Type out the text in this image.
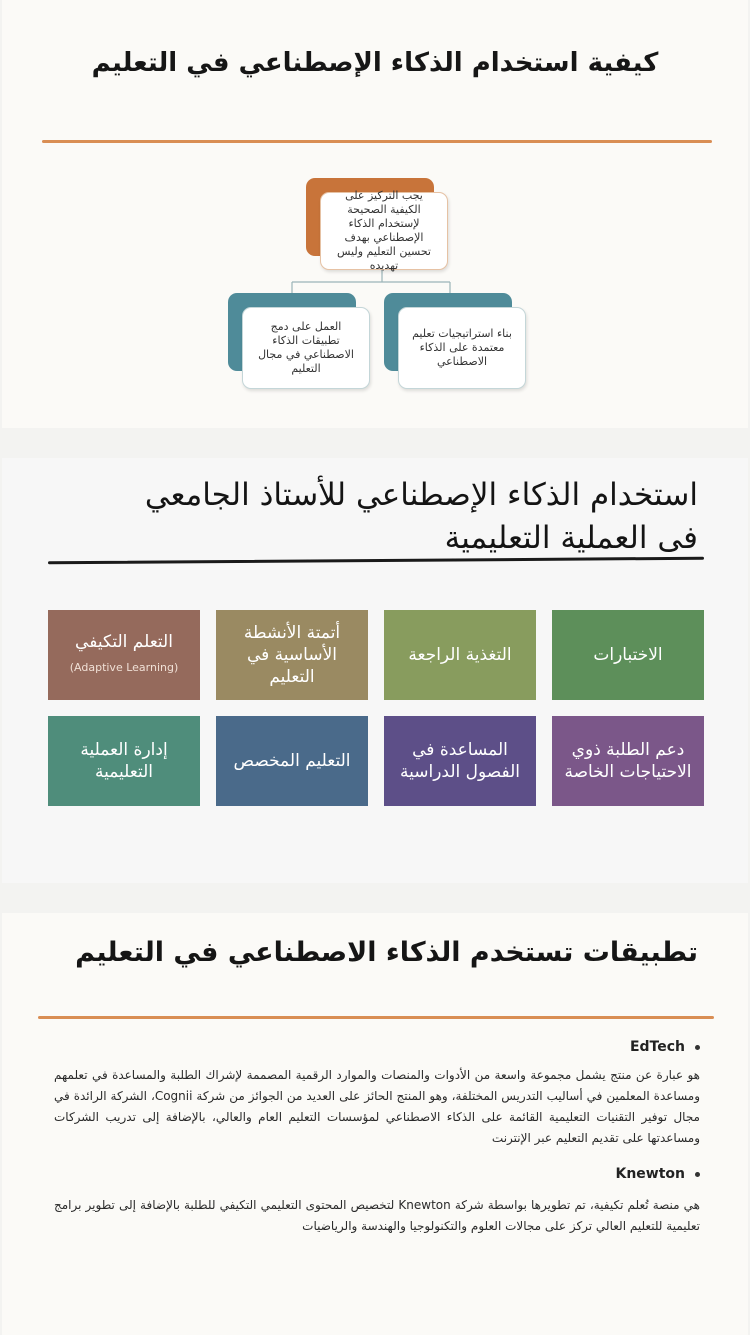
كيفية استخدام الذكاء الإصطناعي في التعليم
يجب التركيز على الكيفية الصحيحة لإستخدام الذكاء الإصطناعي بهدف تحسين التعليم وليس تهديده
العمل على دمج تطبيقات الذكاء الاصطناعي في مجال التعليم
بناء استراتيجيات تعليم معتمدة على الذكاء الاصطناعي
استخدام الذكاء الإصطناعي للأستاذ الجامعي
فى العملية التعليمية
الاختبارات
التغذية الراجعة
أتمتة الأنشطة الأساسية في التعليم
التعلم التكيفي
(Adaptive Learning)
دعم الطلبة ذوي الاحتياجات الخاصة
المساعدة في الفصول الدراسية
التعليم المخصص
إدارة العملية التعليمية
تطبيقات تستخدم الذكاء الاصطناعي في التعليم
EdTech
هو عبارة عن منتج يشمل مجموعة واسعة من الأدوات والمنصات والموارد الرقمية المصممة لإشراك الطلبة والمساعدة في تعلمهم ومساعدة المعلمين في أساليب التدريس المختلفة، وهو المنتج الحائز على العديد من الجوائز من شركة Cognii، الشركة الرائدة في مجال توفير التقنيات التعليمية القائمة على الذكاء الاصطناعي لمؤسسات التعليم العام والعالي، بالإضافة إلى تدريب الشركات ومساعدتها على تقديم التعليم عبر الإنترنت
Knewton
هي منصة تُعلم تكيفية، تم تطويرها بواسطة شركة Knewton لتخصيص المحتوى التعليمي التكيفي للطلبة بالإضافة إلى تطوير برامج تعليمية للتعليم العالي تركز على مجالات العلوم والتكنولوجيا والهندسة والرياضيات
